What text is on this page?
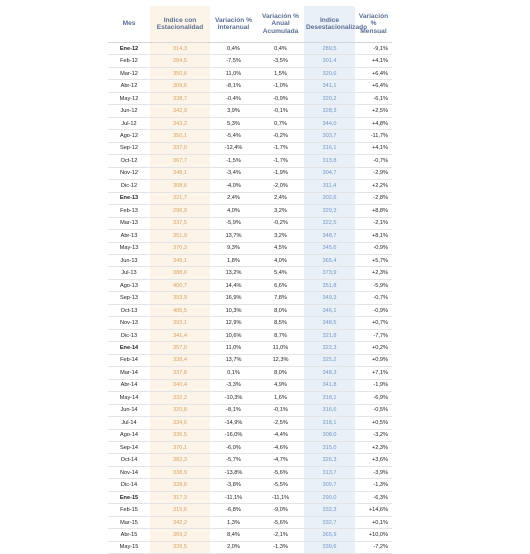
Mes	Indice con Estacionalidad	Variación % Interanual	Variación % Anual Acumulada	Indice Desestacionalizado	Variación % Mensual
Ene-12	314,3	0,4%	0,4%	289,5	-9,1%
Feb-12	284,5	-7,5%	-3,5%	301,4	+4,1%
Mar-12	350,6	11,0%	1,5%	320,6	+6,4%
Abr-12	309,6	-8,1%	-1,0%	341,1	+6,4%
May-12	338,7	-0,4%	-0,9%	320,2	-6,1%
Jun-12	342,9	3,9%	-0,1%	328,3	+2,5%
Jul-12	343,2	5,3%	0,7%	344,0	+4,8%
Ago-12	350,1	-5,4%	-0,2%	303,7	-11,7%
Sep-12	337,0	-12,4%	-1,7%	316,1	+4,1%
Oct-12	367,7	-1,5%	-1,7%	313,8	-0,7%
Nov-12	348,1	-3,4%	-1,9%	304,7	-2,9%
Dic-12	308,6	-4,0%	-2,0%	311,4	+2,2%
Ene-13	321,7	2,4%	2,4%	302,6	-2,8%
Feb-13	296,9	4,0%	3,2%	329,3	+8,8%
Mar-13	337,5	-5,9%	-0,2%	322,5	-2,1%
Abr-13	351,9	13,7%	3,2%	348,7	+8,1%
May-13	370,3	9,3%	4,5%	345,6	-0,9%
Jun-13	349,1	1,8%	4,0%	365,4	+5,7%
Jul-13	388,6	13,2%	5,4%	373,9	+2,3%
Ago-13	400,7	14,4%	6,6%	351,8	-5,9%
Sep-13	393,9	16,9%	7,8%	349,3	-0,7%
Oct-13	405,5	10,3%	8,0%	346,1	-0,9%
Nov-13	393,1	12,9%	8,5%	348,5	+0,7%
Dic-13	341,4	10,6%	8,7%	321,8	-7,7%
Ene-14	357,0	11,0%	11,0%	322,3	+0,2%
Feb-14	338,4	13,7%	12,3%	325,2	+0,9%
Mar-14	337,8	0,1%	8,0%	348,3	+7,1%
Abr-14	340,4	-3,3%	4,9%	341,8	-1,9%
May-14	332,2	-10,3%	1,6%	318,1	-6,9%
Jun-14	320,8	-8,1%	-0,1%	316,6	-0,5%
Jul-14	334,6	-14,9%	-2,5%	318,1	+0,5%
Ago-14	336,5	-16,0%	-4,4%	308,0	-3,2%
Sep-14	370,1	-6,0%	-4,6%	315,0	+2,3%
Oct-14	382,3	-5,7%	-4,7%	326,3	+3,6%
Nov-14	338,9	-13,8%	-5,6%	313,7	-3,9%
Dic-14	328,6	-3,8%	-5,5%	309,7	-1,3%
Ene-15	317,3	-11,1%	-11,1%	290,0	-6,3%
Feb-15	315,6	-6,8%	-9,0%	332,3	+14,6%
Mar-15	342,2	1,3%	-5,6%	332,7	+0,1%
Abr-15	369,2	8,4%	-2,1%	365,9	+10,0%
May-15	339,5	2,0%	-1,3%	339,6	-7,2%
